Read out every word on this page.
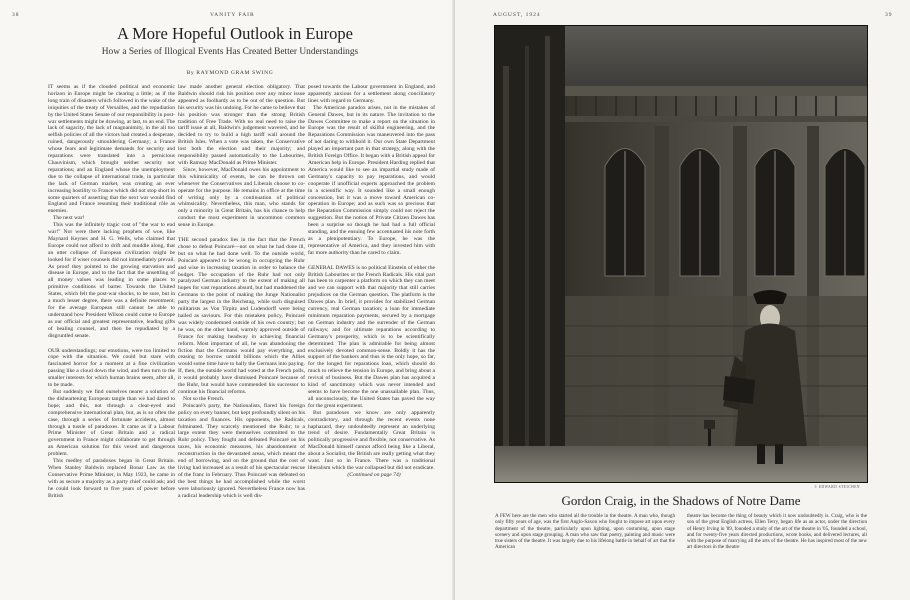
38	VANITY FAIR
A More Hopeful Outlook in Europe
How a Series of Illogical Events Has Created Better Understandings
By RAYMOND GRAM SWING

IT seems as if the clouded political and economic horizon in Europe might be clearing a little; as if the long train of disasters which followed in the wake of the iniquities of the treaty of Versailles, and the repudiation by the United States Senate of our responsibility in post-war settlements might be drawing, at last, to an end. The lack of sagacity, the lack of magnanimity, in the all too selfish policies of all the victors had created a desperate, ruined, dangerously smouldering Germany; a France whose fears and legitimate demands for security and reparations were translated into a pernicious Chauvinism, which brought neither security nor reparations; and an England whose the unemployment due to the collapse of international trade, in particular the lack of German market, was creating an ever increasing hostility to France which did not stop short in some quarters of asserting that the next war would find England and France resuming their traditional rôle as enemies.

The next war!

This was the infinitely tragic cost of "the war to end war!" Nor were there lacking prophets of woe, like Maynard Keynes and H. G. Wells, who claimed that Europe could not afford to drift and muddle along, that an utter collapse of European civilization might be looked for if wiser counsels did not immediately prevail. As proof they pointed to the growing starvation and disease in Europe, and to the fact that the unsettling of all money values was leading in some places to primitive conditions of barter. Towards the United States, which felt the post-war shocks, to be sure, but in a much lesser degree, there was a definite resentment; for the average European still cannot be able to understand how President Wilson could come to Europe as our official and greatest representative, leading gifts of healing counsel, and then be repudiated by a disgruntled senate.

OUR understandings; our emotions, were too limited to cope with the situation. We could but stare with fascinated horror for a moment at a fine civilization passing like a cloud down the wind, and then turn to the smaller interests for which human brains seem, after all, to be made.

But suddenly we find ourselves nearer a solution of the disheartening European tangle than we had dared to hope; and this, not through a clear-eyed and comprehensive international plan, but, as is so often the case, through a series of fortunate accidents, almost through a tussle of paradoxes. It came as if a Labour Prime Minister of Great Britain and a radical government in France might collaborate to get through an American solution for this vexed and dangerous problem.

This medley of paradoxes began in Great Britain. When Stanley Baldwin replaced Bonar Law as the Conservative Prime Minister, in May 1923, he came in with as secure a majority as a party chief could ask; and he could look forward to five years of power before British

law made another general election obligatory. That Baldwin should risk his position over any minor issue appeared as foolhardy as to be out of the question. But his security was his undoing. For he came to believe that his position was stronger than the strong British tradition of Free Trade. With no real need to raise the tariff issue at all, Baldwin's judgement wavered, and he decided to try to build a high tariff wall around the British Isles. When a vote was taken, the Conservative lost both the election and their majority; and responsibility passed automatically to the Labourites, with Ramsay MacDonald as Prime Minister.

Since, however, MacDonald owes his appointment to this whimsicality of events, he can be thrown out whenever the Conservatives and Liberals choose to co-operate for the purpose. He remains in office at the time of writing only by a continuation of political whimsicality. Nevertheless, this man, who stands for only a minority in Great Britain, has his chance to help conduct the most experiment in uncommon common sense in Europe.

THE second paradox lies in the fact that the French chose to defeat Poincaré—not on what he had done ill, but on what he had done well. To the outside world, Poincaré appeared to be wrong in occupying the Ruhr and wise in increasing taxation in order to balance the budget. The occupation of the Ruhr had not only paralyzed German industry to the extent of making all hopes for vast reparations absurd, but had maddened the Germans to the point of making the Junge Nationalist party the largest in the Reichstag, while such disguised militarists as Von Tirpitz and Ludendorff were being hailed as saviours. For this mistaken policy, Poincaré was widely condemned outside of his own country; but he was, on the other hand, warmly approved outside of France for making headway in achieving financial reform. Most important of all, he was abandoning the fiction that the Germans would pay everything, and ceasing to borrow untold billions which the Allies would some time have to bally the Germans into paying. If, then, the outside world had voted at the French polls, it would probably have dismissed Poincaré because of the Ruhr, but would have commended his successor to continue his financial reforms.

Not so the French.

Poincaré's party, the Nationalists, flared his foreign policy on every banner, but kept profoundly silent on his taxation and finances. His opponents, the Radicals, fulminated. They scarcely mentioned the Ruhr; to a large extent they were themselves committed to the Ruhr policy. They fought and defeated Poincaré on his taxes, his economic measures, his abandonment of reconstruction in the devastated areas, which meant the end of borrowing, and on the ground that the cost of living had increased as a result of his spectacular rescue of the franc in February. Thus Poincaré was defeated on the best things he had accomplished while the worst were laboriously ignored. Nevertheless France now has a radical leadership which is well dis-

posed towards the Labour government in England, and apparently anxious for a settlement along conciliatory lines with regard to Germany.

The American paradox arises, not in the mistakes of General Dawes, but in its nature. The invitation to the Dawes Committee to make a report on the situation in Europe was the result of skilful engineering, and the Reparations Commission was maneuvered into the pass of not daring to withhold it. Our own State Department played an important part in that strategy, along with the British Foreign Office. It began with a British appeal for American help in Europe. President Harding replied that America would like to see an impartial study made of Germany's capacity to pay reparations, and would cooperate if unofficial experts approached the problem in a scientific way. It sounded like a small enough concession, but it was a move toward American co-operation in Europe; and as such was so precious that the Reparation Commission simply could not reject the suggestion. But the notion of Private Citizen Dawes has been a surprise so though he had had a full official standing, and the ensuing few accentuated his note forth as a plenipotentiary. To Europe, he was the representative of America, and they invested him with far more authority than he cared to claim.

GENERAL DAWES is no political Einstein of either the British Labourites or the French Radicals. His vital part has been to carpenter a platform on which they can meet and we can support with that majority that still carries prejudices on the German question. The platform is the Dawes plan. In brief, it provides for stabilized German currency, real German taxation; a loan for immediate minimum reparation payments, secured by a mortgage on German industry and the surrender of the German railways; and for ultimate reparations according to Germany's prosperity, which is to be scientifically determined. The plan is admirable for being almost exclusively devoted common-sense. Boldly it has the support of the bankers and thus is the only hope, so far, for the longed for reparations loan, which should do much to relieve the tension in Europe, and bring about a revival of business. But the Dawes plan has acquired a kind of sanctimony which was never intended and seems to have become the one unassailable plan. Thus, all unconsciously, the United States has paved the way for the great experiment.

But paradoxes we know are only apparently contradictory, and through the recent events none haphazard, they undoubtedly represent an underlying trend of desire. Fundamentally Great Britain is politically progressive and flexible, not conservative. As MacDonald himself cannot afford being like a Liberal, about a Socialist, the British are really getting what they want. Just so in France. There was a traditional liberalism which the war collapsed but did not eradicate.

(Continued on page 74)

AUGUST, 1924	39
© EDWARD STEICHEN
Gordon Craig, in the Shadows of Notre Dame
A FEW here are the men who started all the trouble in the theatre. A man who, though only fifty years of age, was the first Anglo-Saxon who fought to impose art upon every department of the theatre, particularly upon lighting, upon costuming, upon stage scenery and upon stage grouping. A man who saw that poetry, painting and music were true sisters of the theatre. It was largely due to his lifelong battle in behalf of art that the American
theatre has become the thing of beauty which it now undoubtedly is. Craig, who is the son of the great English actress, Ellen Terry, began life as an actor, under the direction of Henry Irving in '89, founded a study of the art of the theatre in '05, founded a school, and for twenty-five years directed productions, wrote books, and delivered lectures, all with the purpose of marrying all the arts of the theatre. He has inspired most of the new art directors in the theatre
